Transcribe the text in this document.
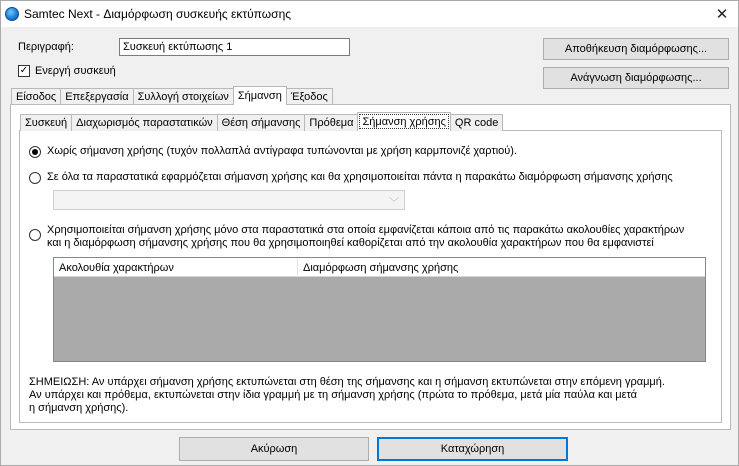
Samtec Next - Διαμόρφωση συσκευής εκτύπωσης	✕
Περιγραφή:	Συσκευή εκτύπωσης 1
✓ Ενεργή συσκευή
Αποθήκευση διαμόρφωσης...
Ανάγνωση διαμόρφωσης...
Είσοδος Επεξεργασία Συλλογή στοιχείων Σήμανση Έξοδος
Συσκευή Διαχωρισμός παραστατικών Θέση σήμανσης Πρόθεμα Σήμανση χρήσης QR code
Χωρίς σήμανση χρήσης (τυχόν πολλαπλά αντίγραφα τυπώνονται με χρήση καρμπονιζέ χαρτιού).
Σε όλα τα παραστατικά εφαρμόζεται σήμανση χρήσης και θα χρησιμοποιείται πάντα η παρακάτω διαμόρφωση σήμανσης χρήσης
﹀
Χρησιμοποιείται σήμανση χρήσης μόνο στα παραστατικά στα οποία εμφανίζεται κάποια από τις παρακάτω ακολουθίες χαρακτήρων
και η διαμόρφωση σήμανσης χρήσης που θα χρησιμοποιηθεί καθορίζεται από την ακολουθία χαρακτήρων που θα εμφανιστεί
Ακολουθία χαρακτήρων	Διαμόρφωση σήμανσης χρήσης
ΣΗΜΕΙΩΣΗ: Αν υπάρχει σήμανση χρήσης εκτυπώνεται στη θέση της σήμανσης και η σήμανση εκτυπώνεται στην επόμενη γραμμή.
Αν υπάρχει και πρόθεμα, εκτυπώνεται στην ίδια γραμμή με τη σήμανση χρήσης (πρώτα το πρόθεμα, μετά μία παύλα και μετά
η σήμανση χρήσης).
Ακύρωση	Καταχώρηση
